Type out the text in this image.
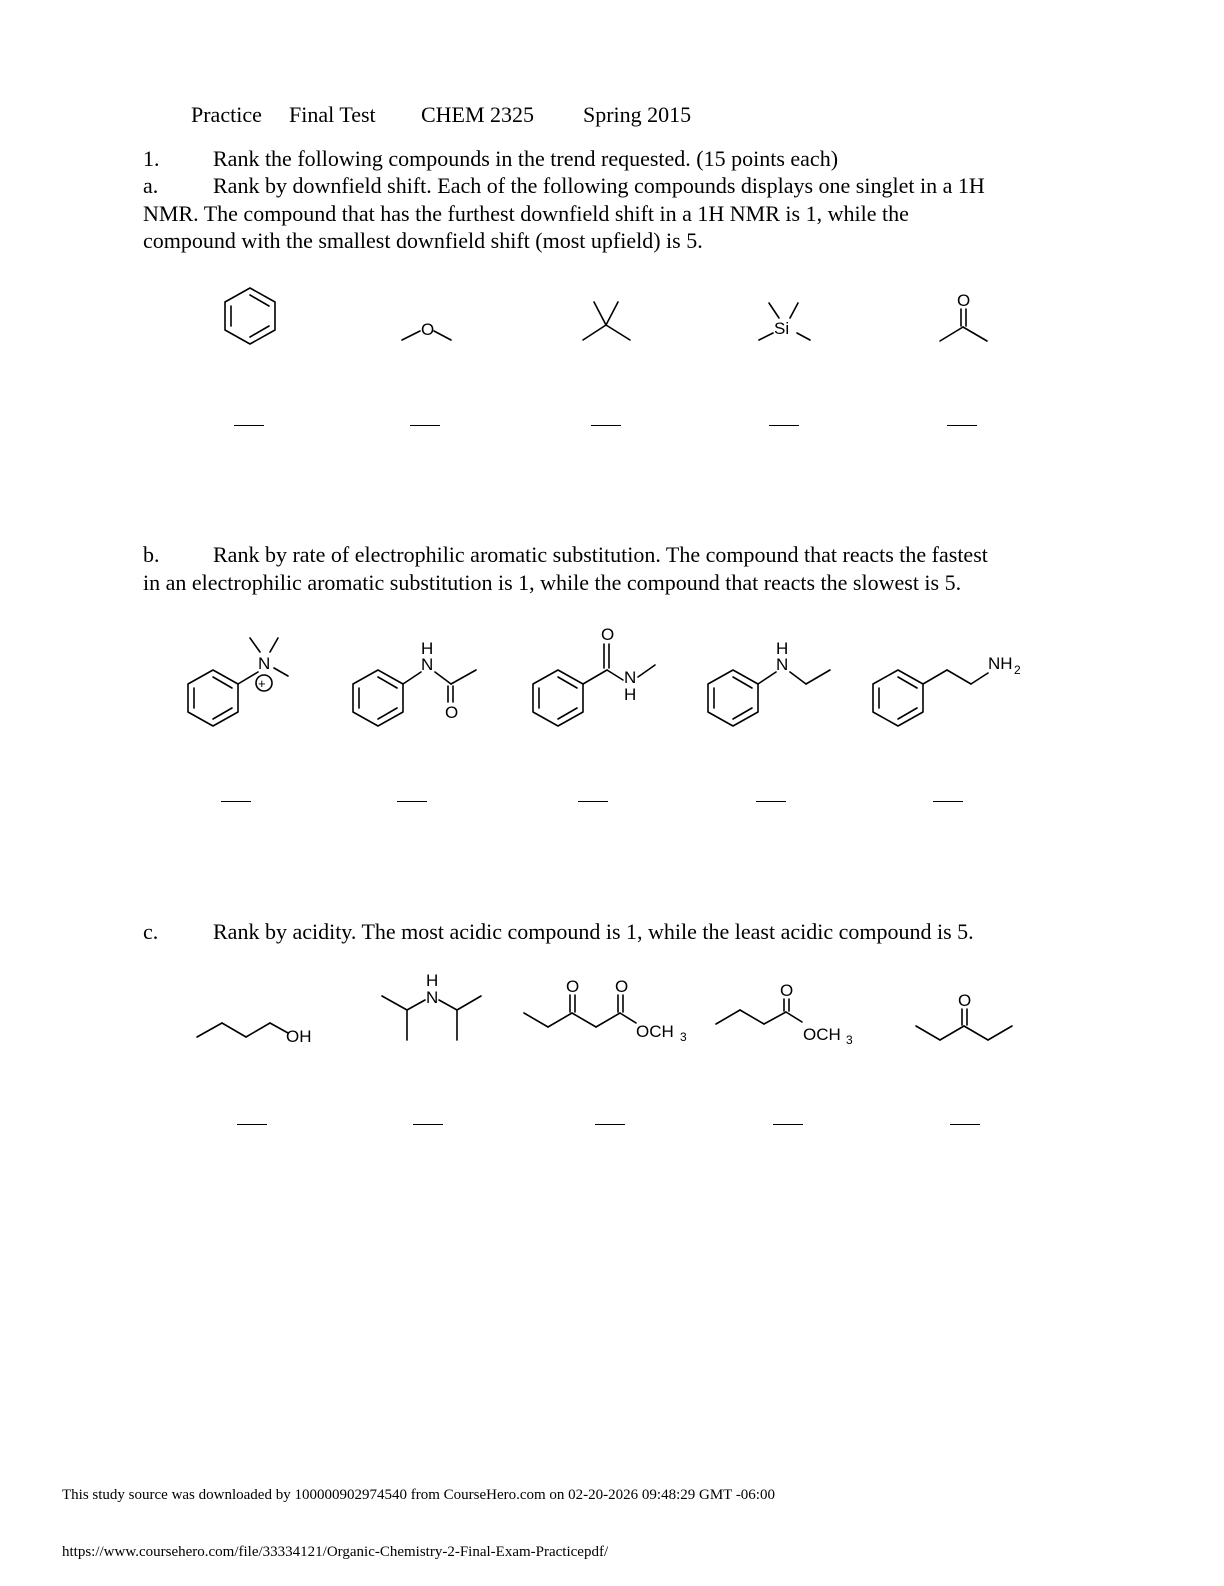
Practice Final Test CHEM 2325 Spring 2015
1. Rank the following compounds in the trend requested. (15 points each)
a.	Rank by downfield shift. Each of the following compounds displays one singlet in a 1H
NMR. The compound that has the furthest downfield shift in a 1H NMR is 1, while the
compound with the smallest downfield shift (most upfield) is 5.
O	Si
O
b.	Rank by rate of electrophilic aromatic substitution. The compound that reacts the fastest
in an electrophilic aromatic substitution is 1, while the compound that reacts the slowest is 5.
N
+
H
N
O
O
N
H
H
N	NH 2
c. Rank by acidity. The most acidic compound is 1, while the least acidic compound is 5.
OH
H
N
O O
OCH 3
O
OCH 3
O
This study source was downloaded by 100000902974540 from CourseHero.com on 02-20-2026 09:48:29 GMT -06:00
https://www.coursehero.com/file/33334121/Organic-Chemistry-2-Final-Exam-Practicepdf/
